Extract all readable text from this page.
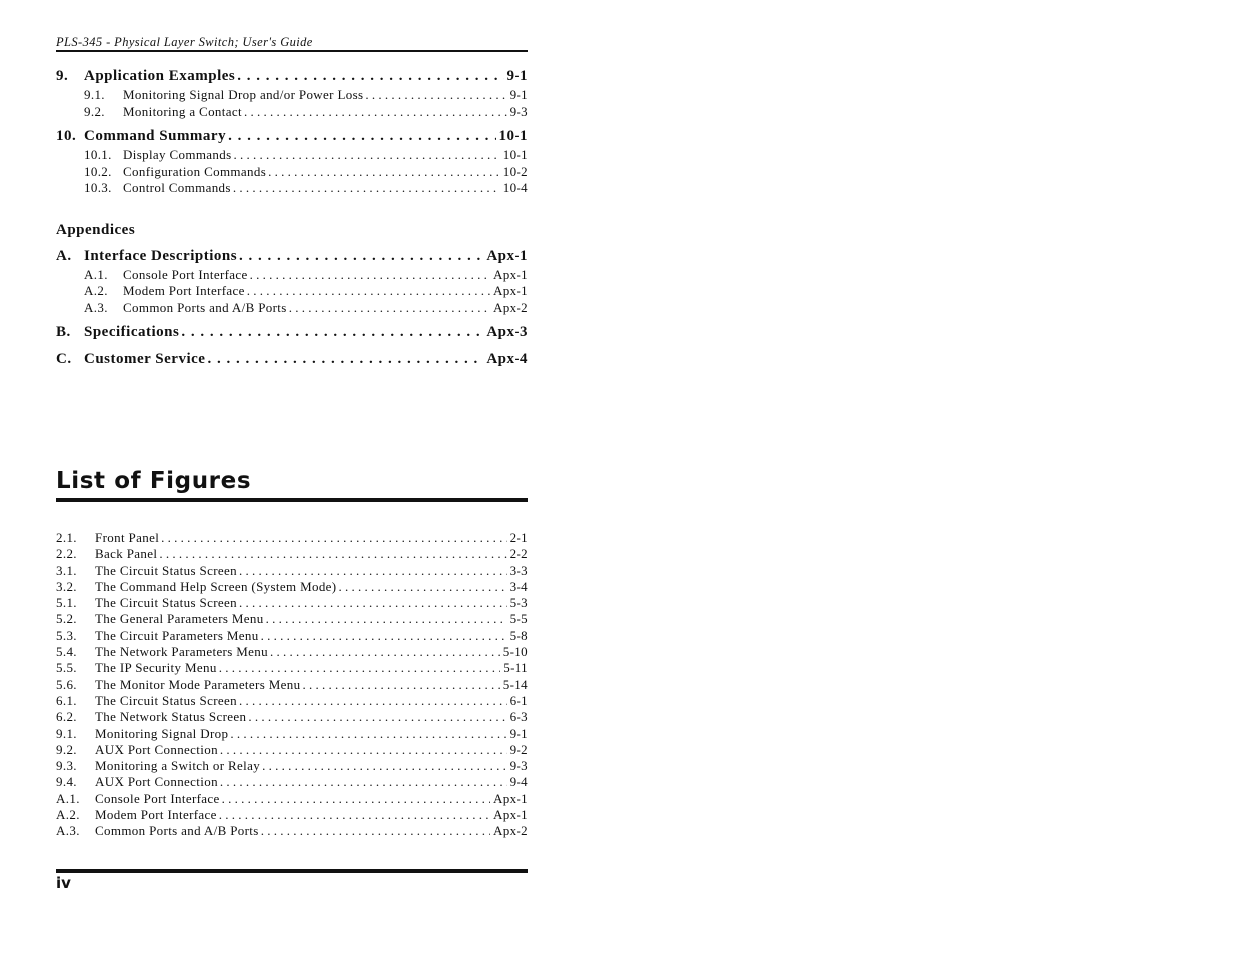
PLS-345 - Physical Layer Switch; User's Guide
9.	Application Examples . . .	9-1
9.1.	Monitoring Signal Drop and/or Power Loss . . .	9-1
9.2.	Monitoring a Contact . . .	9-3
10. Command Summary . . .	10-1
10.1. Display Commands . . .	10-1
10.2. Configuration Commands . . .	10-2
10.3. Control Commands . . .	10-4
Appendices
A. Interface Descriptions . . .	Apx-1
A.1.	Console Port Interface . . .	Apx-1
A.2.	Modem Port Interface . . .	Apx-1
A.3.	Common Ports and A/B Ports . . .	Apx-2
B. Specifications . . .	Apx-3
C. Customer Service . . .	Apx-4
List of Figures
2.1.	Front Panel . . .	2-1
2.2.	Back Panel . . .	2-2
3.1.	The Circuit Status Screen . . .	3-3
3.2.	The Command Help Screen (System Mode) . . .	3-4
5.1.	The Circuit Status Screen . . .	5-3
5.2.	The General Parameters Menu . . .	5-5
5.3.	The Circuit Parameters Menu . . .	5-8
5.4.	The Network Parameters Menu . . .	5-10
5.5.	The IP Security Menu . . .	5-11
5.6.	The Monitor Mode Parameters Menu . . .	5-14
6.1.	The Circuit Status Screen . . .	6-1
6.2.	The Network Status Screen . . .	6-3
9.1.	Monitoring Signal Drop . . .	9-1
9.2.	AUX Port Connection . . .	9-2
9.3.	Monitoring a Switch or Relay . . .	9-3
9.4.	AUX Port Connection . . .	9-4
A.1.	Console Port Interface . . .	Apx-1
A.2.	Modem Port Interface . . .	Apx-1
A.3.	Common Ports and A/B Ports . . .	Apx-2
iv
